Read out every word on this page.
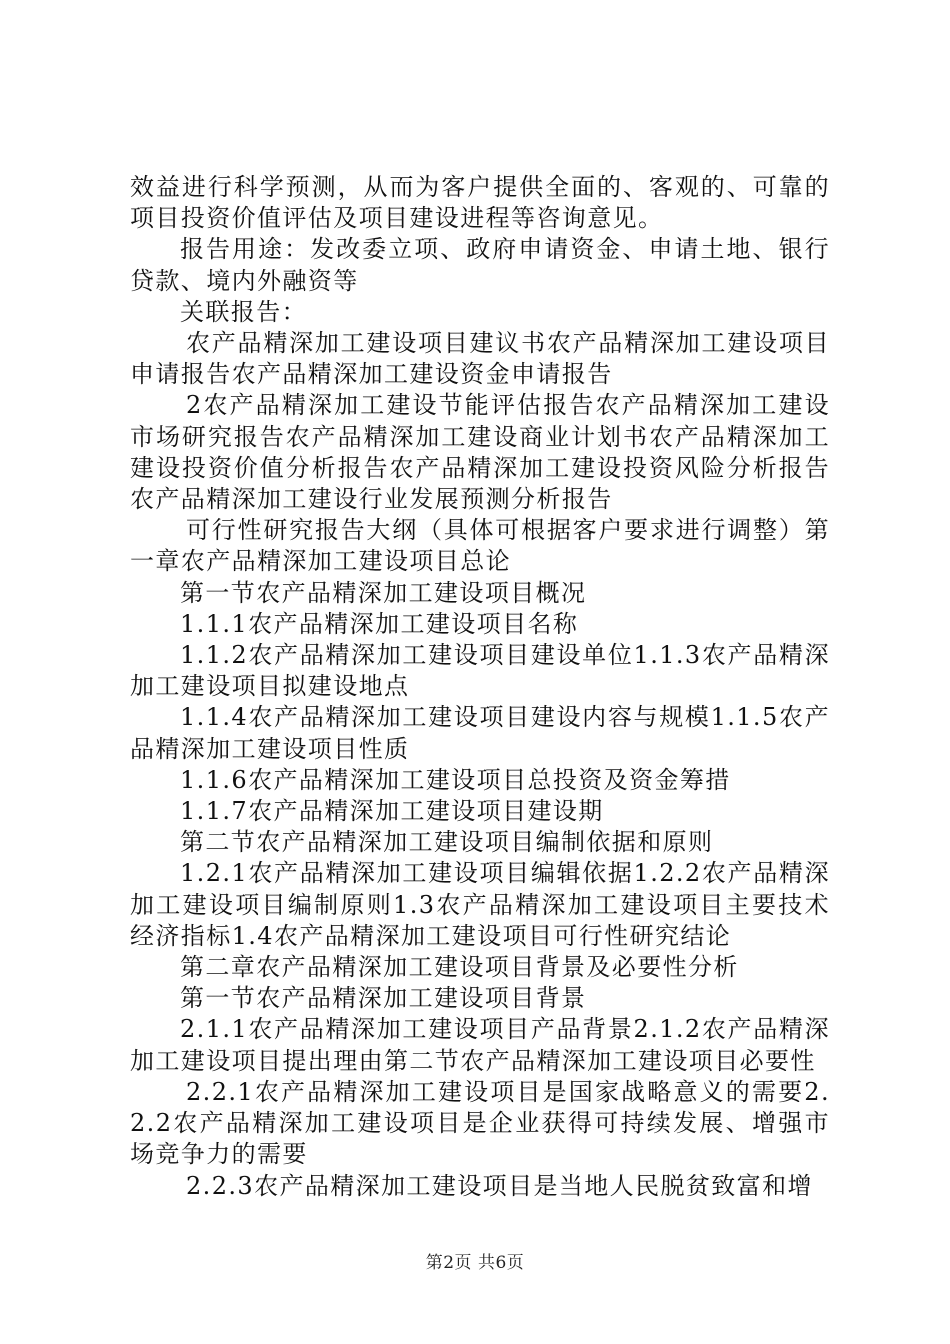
效益进行科学预测，从而为客户提供全面的、客观的、可靠的项目投资价值评估及项目建设进程等咨询意见。

报告用途：发改委立项、政府申请资金、申请土地、银行贷款、境内外融资等

关联报告：

农产品精深加工建设项目建议书农产品精深加工建设项目申请报告农产品精深加工建设资金申请报告

2农产品精深加工建设节能评估报告农产品精深加工建设市场研究报告农产品精深加工建设商业计划书农产品精深加工建设投资价值分析报告农产品精深加工建设投资风险分析报告农产品精深加工建设行业发展预测分析报告

可行性研究报告大纲（具体可根据客户要求进行调整）第一章农产品精深加工建设项目总论

第一节农产品精深加工建设项目概况

1.1.1农产品精深加工建设项目名称

1.1.2农产品精深加工建设项目建设单位1.1.3农产品精深加工建设项目拟建设地点

1.1.4农产品精深加工建设项目建设内容与规模1.1.5农产品精深加工建设项目性质

1.1.6农产品精深加工建设项目总投资及资金筹措

1.1.7农产品精深加工建设项目建设期

第二节农产品精深加工建设项目编制依据和原则

1.2.1农产品精深加工建设项目编辑依据1.2.2农产品精深加工建设项目编制原则1.3农产品精深加工建设项目主要技术经济指标1.4农产品精深加工建设项目可行性研究结论

第二章农产品精深加工建设项目背景及必要性分析

第一节农产品精深加工建设项目背景

2.1.1农产品精深加工建设项目产品背景2.1.2农产品精深加工建设项目提出理由第二节农产品精深加工建设项目必要性

2.2.1农产品精深加工建设项目是国家战略意义的需要2.2.2农产品精深加工建设项目是企业获得可持续发展、增强市场竞争力的需要

2.2.3农产品精深加工建设项目是当地人民脱贫致富和增

第2页 共6页
